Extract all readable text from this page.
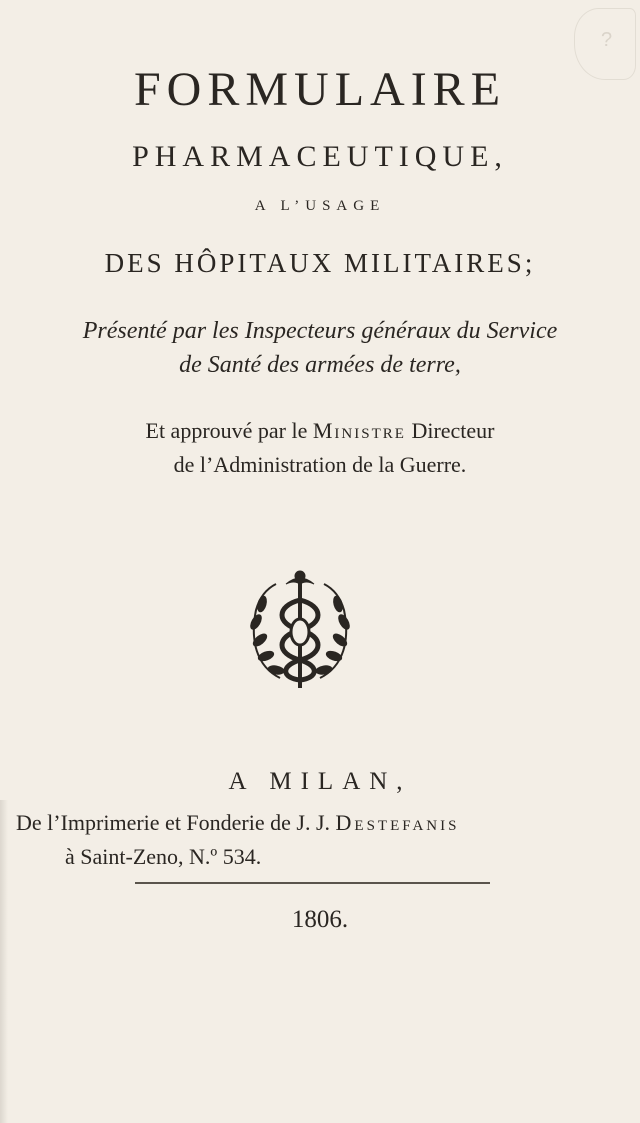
?
FORMULAIRE
PHARMACEUTIQUE,
A L’USAGE
DES HÔPITAUX MILITAIRES;
Présenté par les Inspecteurs généraux du Service
de Santé des armées de terre,
Et approuvé par le Ministre Directeur
de l’Administration de la Guerre.
A MILAN,
De l’Imprimerie et Fonderie de J. J. Destefanis
à Saint-Zeno, N.º 534.
1806.
